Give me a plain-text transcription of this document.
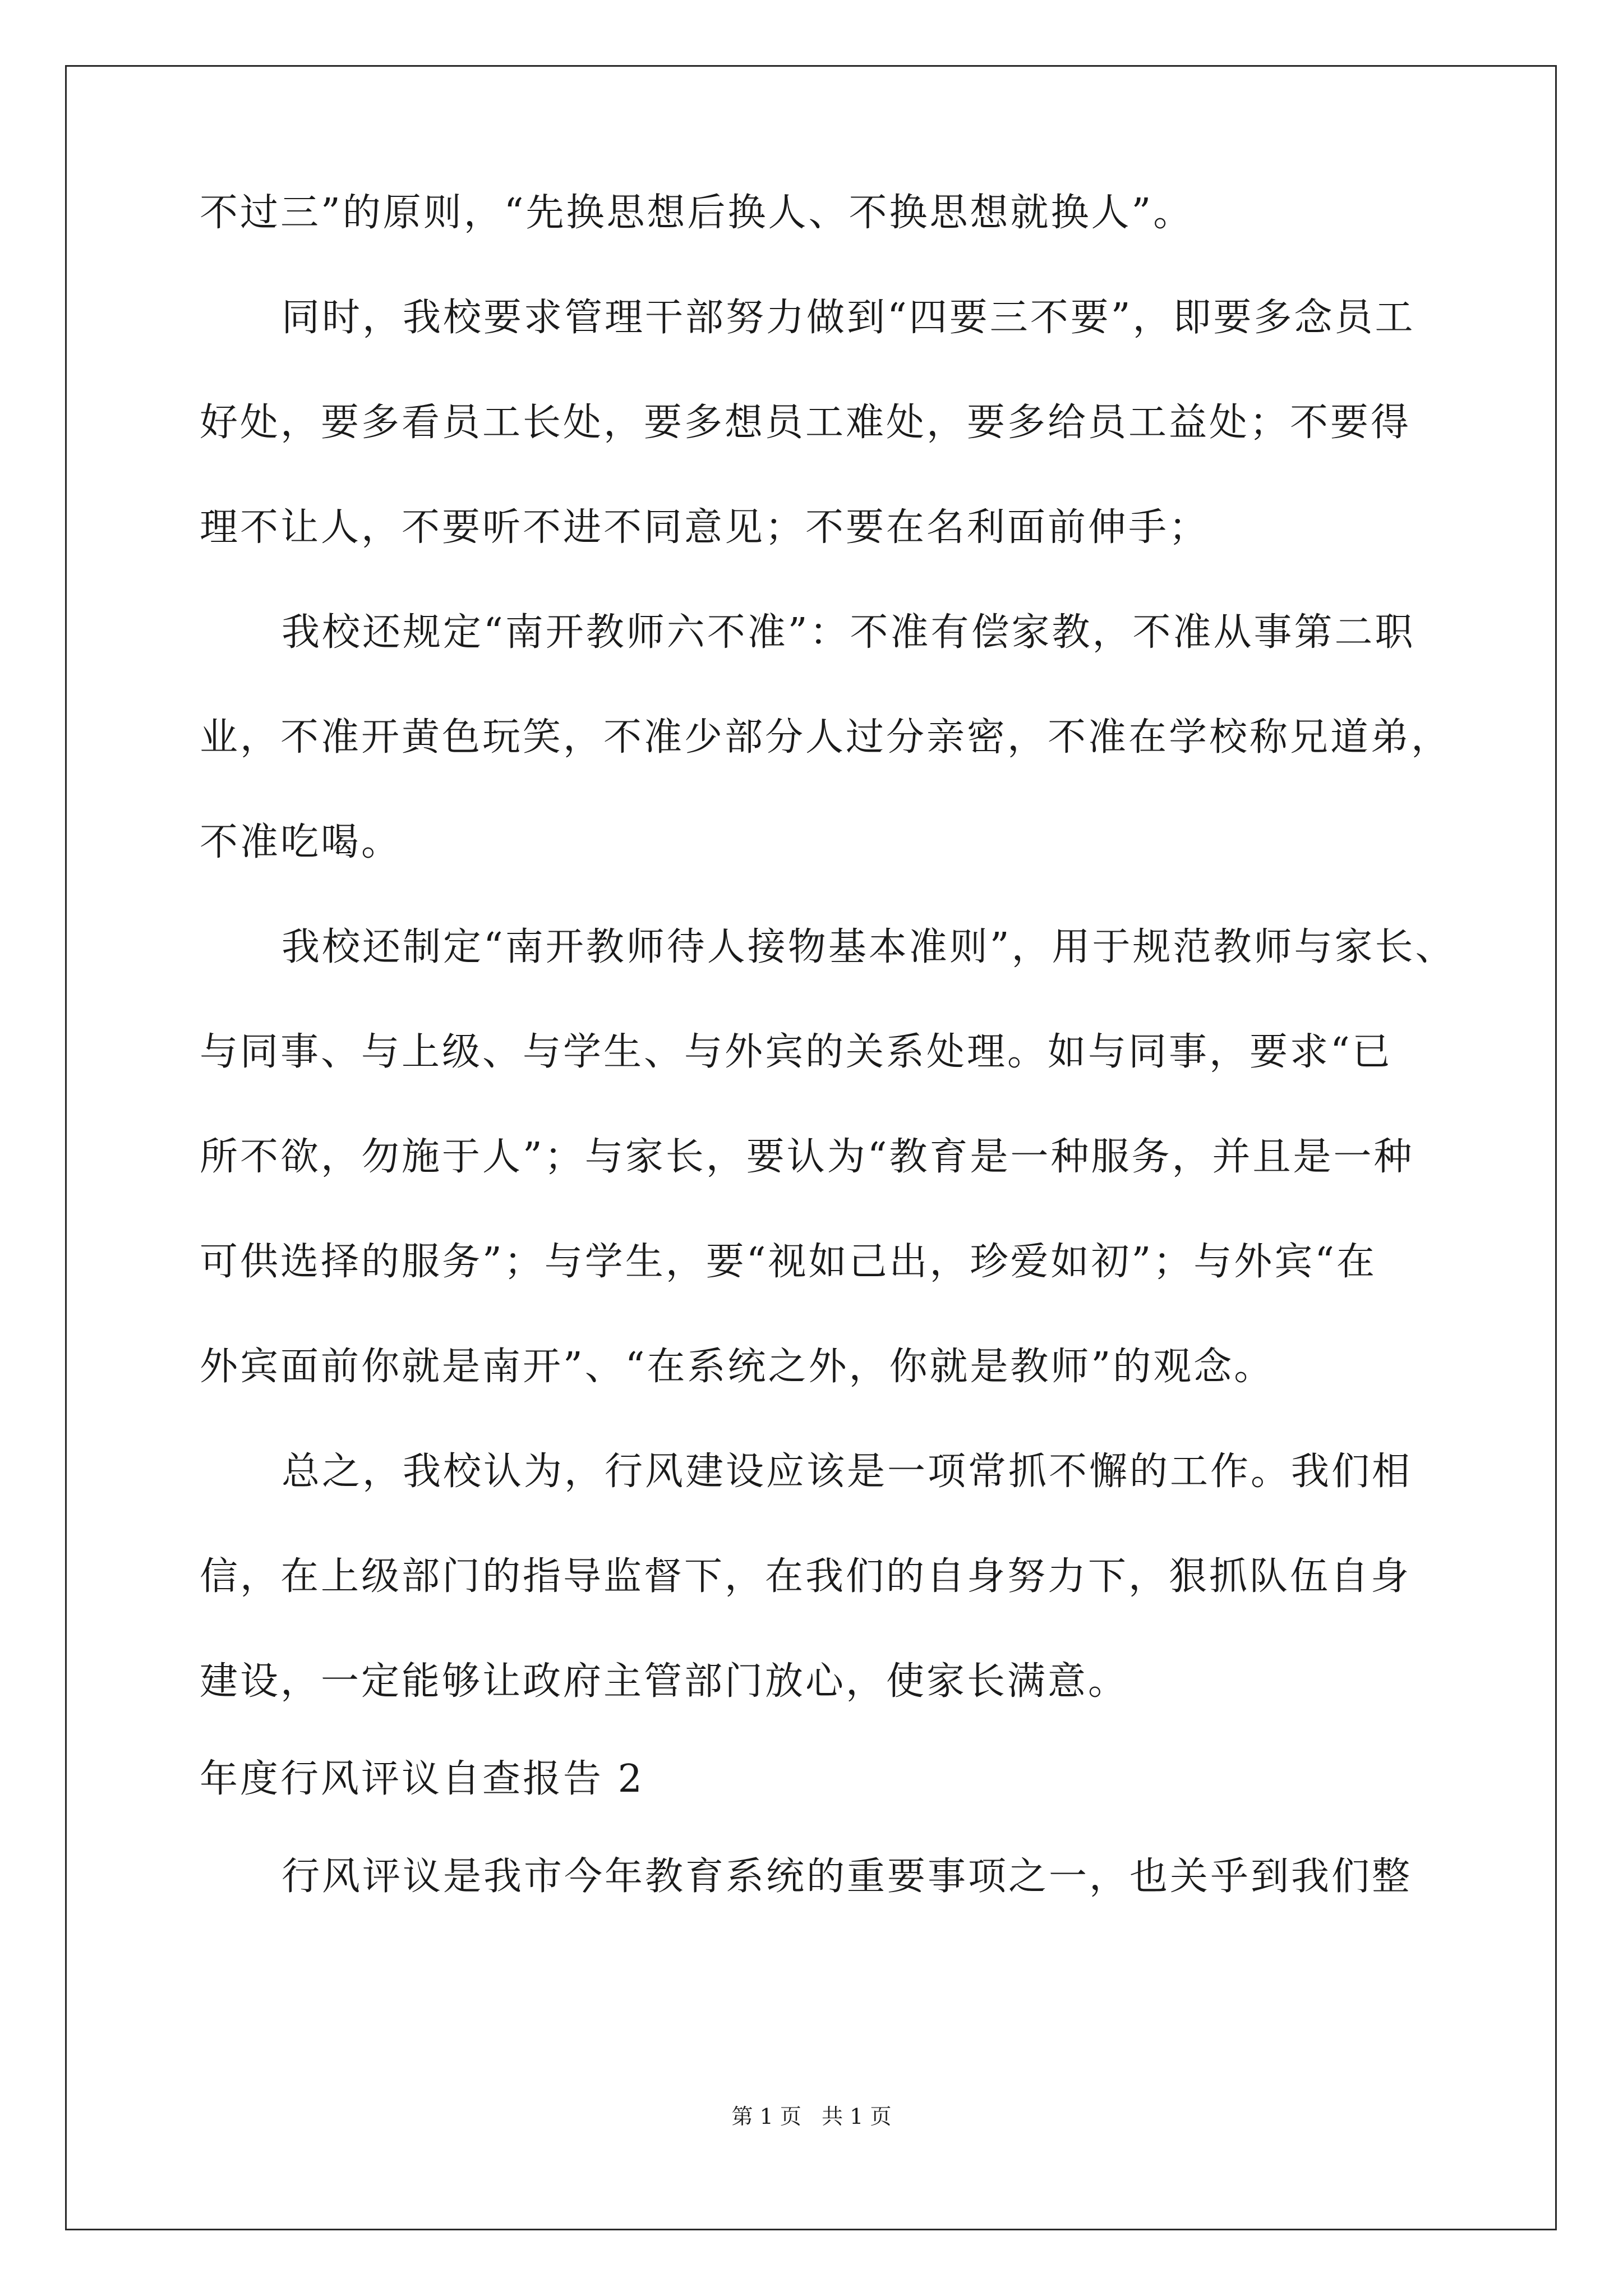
不过三”的原则，“先换思想后换人、不换思想就换人”。
同时，我校要求管理干部努力做到“四要三不要”，即要多念员工
好处，要多看员工长处，要多想员工难处，要多给员工益处；不要得
理不让人，不要听不进不同意见；不要在名利面前伸手；
我校还规定“南开教师六不准”：不准有偿家教，不准从事第二职
业，不准开黄色玩笑，不准少部分人过分亲密，不准在学校称兄道弟，
不准吃喝。
我校还制定“南开教师待人接物基本准则”，用于规范教师与家长、
与同事、与上级、与学生、与外宾的关系处理。如与同事，要求“已
所不欲，勿施于人”；与家长，要认为“教育是一种服务，并且是一种
可供选择的服务”；与学生，要“视如己出，珍爱如初”；与外宾“在
外宾面前你就是南开”、“在系统之外，你就是教师”的观念。
总之，我校认为，行风建设应该是一项常抓不懈的工作。我们相
信，在上级部门的指导监督下，在我们的自身努力下，狠抓队伍自身
建设，一定能够让政府主管部门放心，使家长满意。
年度行风评议自查报告 2
行风评议是我市今年教育系统的重要事项之一，也关乎到我们整
第 1 页   共 1 页
